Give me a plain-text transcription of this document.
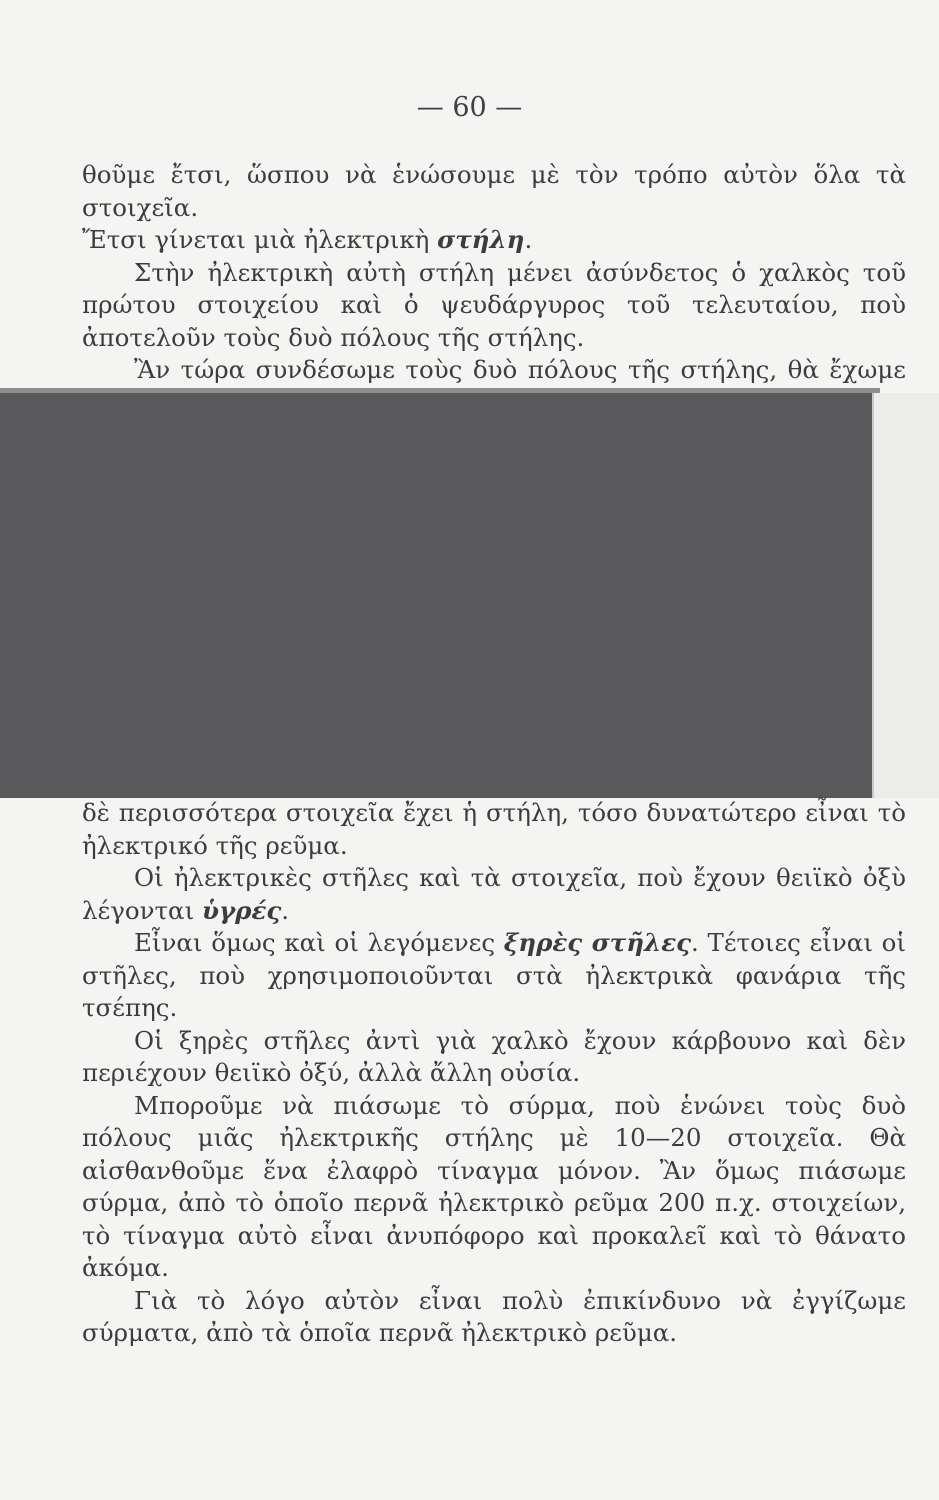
— 60 —

θοῦμε ἔτσι, ὥσπου νὰ ἑνώσουμε μὲ τὸν τρόπο αὐτὸν ὅλα τὰ στοιχεῖα.

Ἔτσι γίνεται μιὰ ἠλεκτρικὴ στήλη.

Στὴν ἠλεκτρικὴ αὐτὴ στήλη μένει ἀσύνδετος ὁ χαλκὸς τοῦ πρώτου στοιχείου καὶ ὁ ψευδάργυρος τοῦ τελευταίου, ποὺ ἀποτελοῦν τοὺς δυὸ πόλους τῆς στήλης.

Ἂν τώρα συνδέσωμε τοὺς δυὸ πόλους τῆς στήλης, θὰ ἔχωμε

δὲ περισσότερα στοιχεῖα ἔχει ἡ στήλη, τόσο δυνατώτερο εἶναι τὸ ἠλεκτρικό τῆς ρεῦμα.

Οἱ ἠλεκτρικὲς στῆλες καὶ τὰ στοιχεῖα, ποὺ ἔχουν θειϊκὸ ὀξὺ λέγονται ὑγρές.

Εἶναι ὅμως καὶ οἱ λεγόμενες ξηρὲς στῆλες. Τέτοιες εἶναι οἱ στῆλες, ποὺ χρησιμοποιοῦνται στὰ ἠλεκτρικὰ φανάρια τῆς τσέπης.

Οἱ ξηρὲς στῆλες ἀντὶ γιὰ χαλκὸ ἔχουν κάρβουνο καὶ δὲν περιέχουν θειϊκὸ ὀξύ, ἀλλὰ ἄλλη οὐσία.

Μποροῦμε νὰ πιάσωμε τὸ σύρμα, ποὺ ἑνώνει τοὺς δυὸ πόλους μιᾶς ἠλεκτρικῆς στήλης μὲ 10—20 στοιχεῖα. Θὰ αἰσθανθοῦμε ἕνα ἐλαφρὸ τίναγμα μόνον. Ἂν ὅμως πιάσωμε σύρμα, ἀπὸ τὸ ὁποῖο περνᾶ ἠλεκτρικὸ ρεῦμα 200 π.χ. στοιχείων, τὸ τίναγμα αὐτὸ εἶναι ἀνυπόφορο καὶ προκαλεῖ καὶ τὸ θάνατο ἀκόμα.

Γιὰ τὸ λόγο αὐτὸν εἶναι πολὺ ἐπικίνδυνο νὰ ἐγγίζωμε σύρματα, ἀπὸ τὰ ὁποῖα περνᾶ ἠλεκτρικὸ ρεῦμα.
